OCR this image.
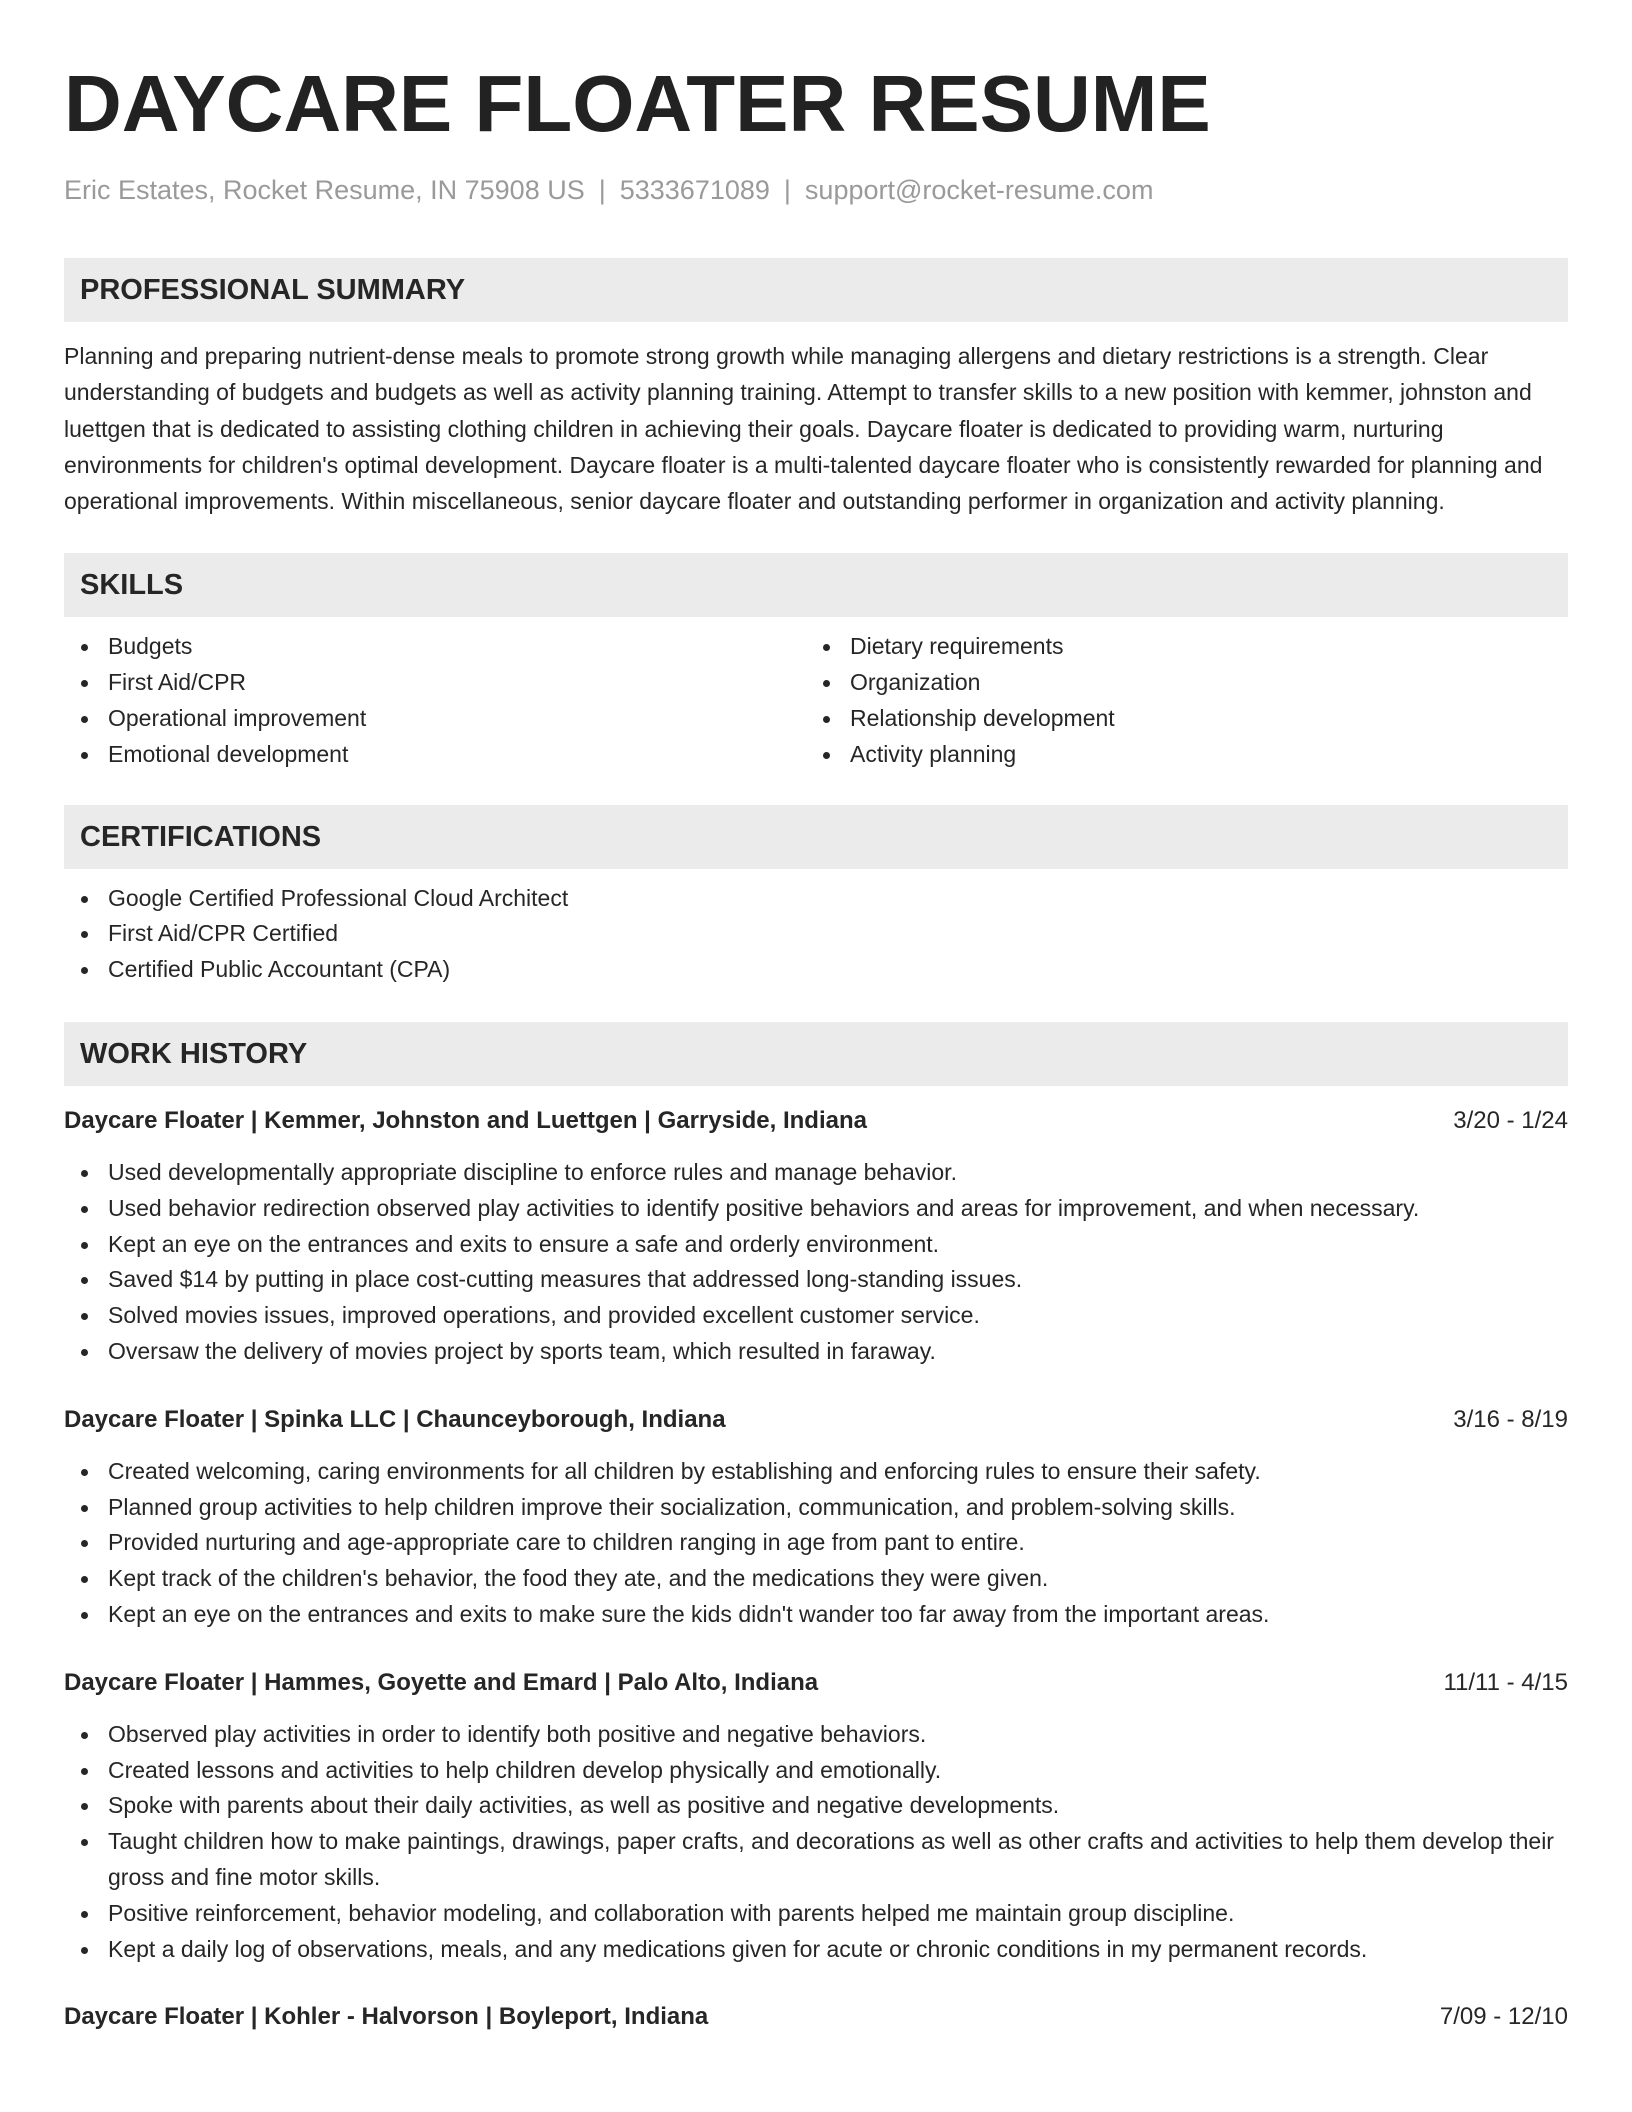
DAYCARE FLOATER RESUME
Eric Estates, Rocket Resume, IN 75908 US | 5333671089 | support@rocket-resume.com
PROFESSIONAL SUMMARY

Planning and preparing nutrient-dense meals to promote strong growth while managing allergens and dietary restrictions is a strength. Clear understanding of budgets and budgets as well as activity planning training. Attempt to transfer skills to a new position with kemmer, johnston and luettgen that is dedicated to assisting clothing children in achieving their goals. Daycare floater is dedicated to providing warm, nurturing environments for children's optimal development. Daycare floater is a multi-talented daycare floater who is consistently rewarded for planning and operational improvements. Within miscellaneous, senior daycare floater and outstanding performer in organization and activity planning.

SKILLS
Budgets
First Aid/CPR
Operational improvement
Emotional development
Dietary requirements
Organization
Relationship development
Activity planning
CERTIFICATIONS
Google Certified Professional Cloud Architect
First Aid/CPR Certified
Certified Public Accountant (CPA)
WORK HISTORY
Daycare Floater | Kemmer, Johnston and Luettgen | Garryside, Indiana	3/20 - 1/24
Used developmentally appropriate discipline to enforce rules and manage behavior.
Used behavior redirection observed play activities to identify positive behaviors and areas for improvement, and when necessary.
Kept an eye on the entrances and exits to ensure a safe and orderly environment.
Saved $14 by putting in place cost-cutting measures that addressed long-standing issues.
Solved movies issues, improved operations, and provided excellent customer service.
Oversaw the delivery of movies project by sports team, which resulted in faraway.
Daycare Floater | Spinka LLC | Chaunceyborough, Indiana	3/16 - 8/19
Created welcoming, caring environments for all children by establishing and enforcing rules to ensure their safety.
Planned group activities to help children improve their socialization, communication, and problem-solving skills.
Provided nurturing and age-appropriate care to children ranging in age from pant to entire.
Kept track of the children's behavior, the food they ate, and the medications they were given.
Kept an eye on the entrances and exits to make sure the kids didn't wander too far away from the important areas.
Daycare Floater | Hammes, Goyette and Emard | Palo Alto, Indiana	11/11 - 4/15
Observed play activities in order to identify both positive and negative behaviors.
Created lessons and activities to help children develop physically and emotionally.
Spoke with parents about their daily activities, as well as positive and negative developments.
Taught children how to make paintings, drawings, paper crafts, and decorations as well as other crafts and activities to help them develop their gross and fine motor skills.
Positive reinforcement, behavior modeling, and collaboration with parents helped me maintain group discipline.
Kept a daily log of observations, meals, and any medications given for acute or chronic conditions in my permanent records.
Daycare Floater | Kohler - Halvorson | Boyleport, Indiana	7/09 - 12/10
